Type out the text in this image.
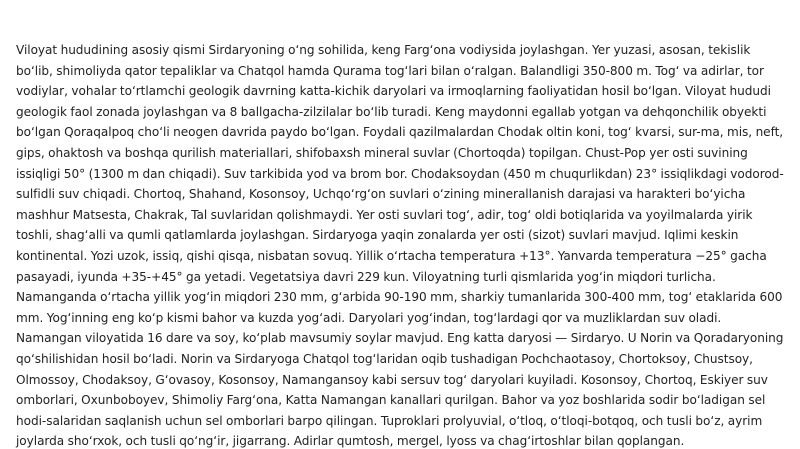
Viloyat hududining asosiy qismi Sirdaryoning oʻng sohilida, keng Fargʻona vodiysida joylashgan. Yer yuzasi, asosan, tekislik boʻlib, shimoliyda qator tepaliklar va Chatqol hamda Qurama togʻlari bilan oʻralgan. Balandligi 350-800 m. Togʻ va adirlar, tor vodiylar, vohalar toʻrtlamchi geologik davrning katta-kichik daryolari va irmoqlarning faoliyatidan hosil boʻlgan. Viloyat hududi geologik faol zonada joylashgan va 8 ballgacha-zilzilalar boʻlib turadi. Keng maydonni egallab yotgan va dehqonchilik obyekti boʻlgan Qoraqalpoq choʻli neogen davrida paydo boʻlgan. Foydali qazilmalardan Chodak oltin koni, togʻ kvarsi, sur-ma, mis, neft, gips, ohaktosh va boshqa qurilish materiallari, shifobaxsh mineral suvlar (Chortoqda) topilgan. Chust-Pop yer osti suvining issiqligi 50° (1300 m dan chiqadi). Suv tarkibida yod va brom bor. Chodaksoydan (450 m chuqurlikdan) 23° issiqlikdagi vodorod-sulfidli suv chiqadi. Chortoq, Shahand, Kosonsoy, Uchqoʻrgʻon suvlari oʻzining minerallanish darajasi va harakteri boʻyicha mashhur Matsesta, Chakrak, Tal suvlaridan qolishmaydi. Yer osti suvlari togʻ, adir, togʻ oldi botiqlarida va yoyilmalarda yirik toshli, shagʻalli va qumli qatlamlarda joylashgan. Sirdaryoga yaqin zonalarda yer osti (sizot) suvlari mavjud. Iqlimi keskin kontinental. Yozi uzok, issiq, qishi qisqa, nisbatan sovuq. Yillik oʻrtacha temperatura +13°. Yanvarda temperatura −25° gacha pasayadi, iyunda +35-+45° ga yetadi. Vegetatsiya davri 229 kun. Viloyatning turli qismlarida yogʻin miqdori turlicha. Namanganda oʻrtacha yillik yogʻin miqdori 230 mm, gʻarbida 90-190 mm, sharkiy tumanlarida 300-400 mm, togʻ etaklarida 600 mm. Yogʻinning eng koʻp kismi bahor va kuzda yogʻadi. Daryolari yogʻindan, togʻlardagi qor va muzliklardan suv oladi. Namangan viloyatida 16 dare va soy, koʻplab mavsumiy soylar mavjud. Eng katta daryosi — Sirdaryo. U Norin va Qoradaryoning qoʻshilishidan hosil boʻladi. Norin va Sirdaryoga Chatqol togʻlaridan oqib tushadigan Pochchaotasoy, Chortoksoy, Chustsoy, Olmossoy, Chodaksoy, Gʻovasoy, Kosonsoy, Namangansoy kabi sersuv togʻ daryolari kuyiladi. Kosonsoy, Chortoq, Eskiyer suv omborlari, Oxunboboyev, Shimoliy Fargʻona, Katta Namangan kanallari qurilgan. Bahor va yoz boshlarida sodir boʻladigan sel hodi-salaridan saqlanish uchun sel omborlari barpo qilingan. Tuproklari prolyuvial, oʻtloq, oʻtloqi-botqoq, och tusli boʻz, ayrim joylarda shoʻrxok, och tusli qoʻngʻir, jigarrang. Adirlar qumtosh, mergel, lyoss va chagʻirtoshlar bilan qoplangan.
